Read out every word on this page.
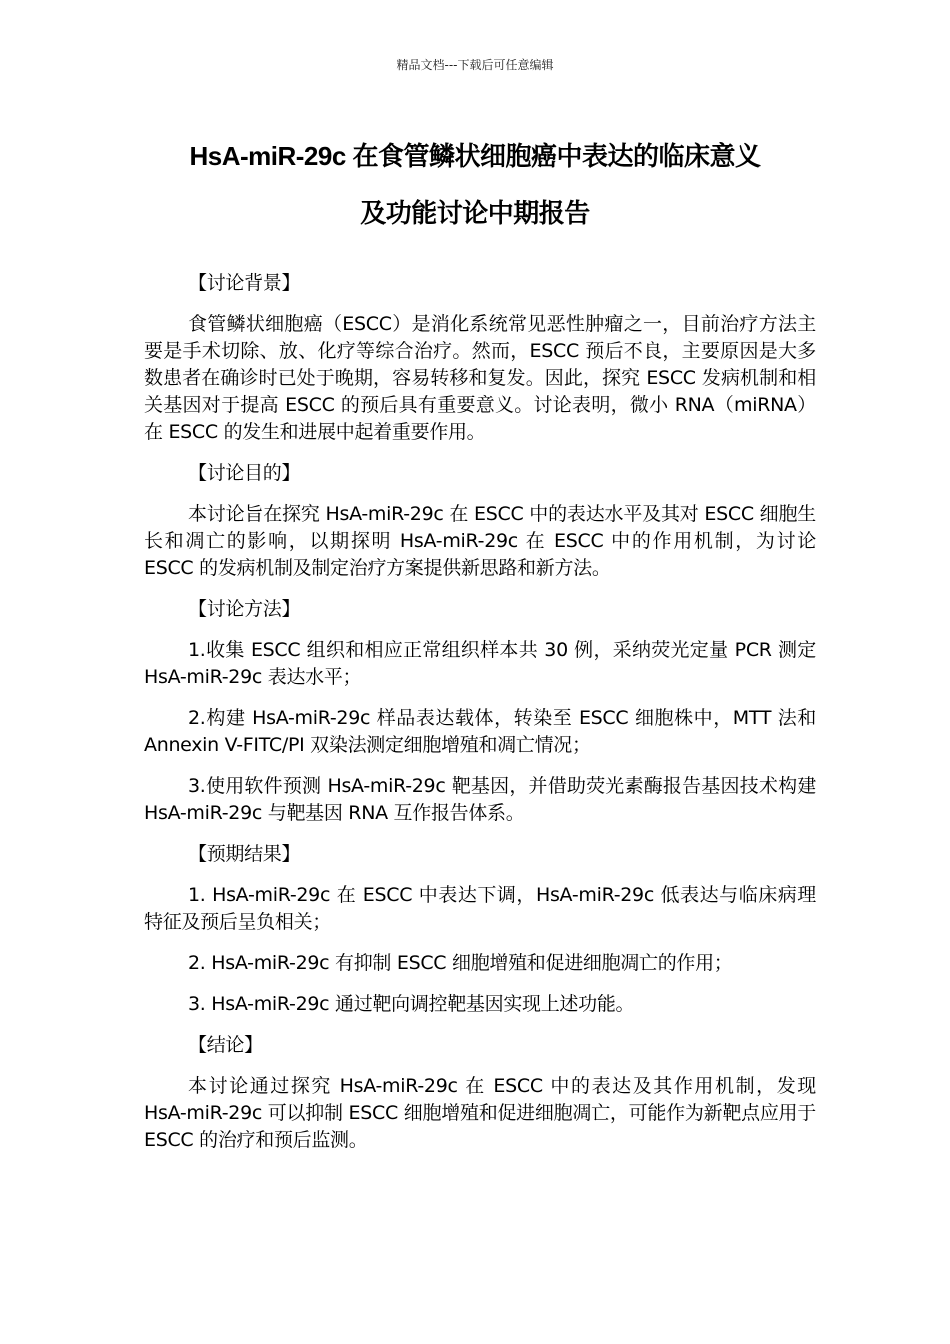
精品文档---下载后可任意编辑
HsA-miR-29c 在食管鳞状细胞癌中表达的临床意义
及功能讨论中期报告

【讨论背景】

食管鳞状细胞癌（ESCC）是消化系统常见恶性肿瘤之一，目前治疗方法主要是手术切除、放、化疗等综合治疗。然而，ESCC 预后不良，主要原因是大多数患者在确诊时已处于晚期，容易转移和复发。因此，探究 ESCC 发病机制和相关基因对于提高 ESCC 的预后具有重要意义。讨论表明，微小 RNA（miRNA）在 ESCC 的发生和进展中起着重要作用。

【讨论目的】

本讨论旨在探究 HsA-miR-29c 在 ESCC 中的表达水平及其对 ESCC 细胞生长和凋亡的影响，以期探明 HsA-miR-29c 在 ESCC 中的作用机制，为讨论 ESCC 的发病机制及制定治疗方案提供新思路和新方法。

【讨论方法】

1.收集 ESCC 组织和相应正常组织样本共 30 例，采纳荧光定量 PCR 测定 HsA-miR-29c 表达水平；

2.构建 HsA-miR-29c 样品表达载体，转染至 ESCC 细胞株中，MTT 法和 Annexin V-FITC/PI 双染法测定细胞增殖和凋亡情况；

3.使用软件预测 HsA-miR-29c 靶基因，并借助荧光素酶报告基因技术构建 HsA-miR-29c 与靶基因 RNA 互作报告体系。

【预期结果】

1. HsA-miR-29c 在 ESCC 中表达下调，HsA-miR-29c 低表达与临床病理特征及预后呈负相关；

2. HsA-miR-29c 有抑制 ESCC 细胞增殖和促进细胞凋亡的作用；

3. HsA-miR-29c 通过靶向调控靶基因实现上述功能。

【结论】

本讨论通过探究 HsA-miR-29c 在 ESCC 中的表达及其作用机制，发现 HsA-miR-29c 可以抑制 ESCC 细胞增殖和促进细胞凋亡，可能作为新靶点应用于 ESCC 的治疗和预后监测。
